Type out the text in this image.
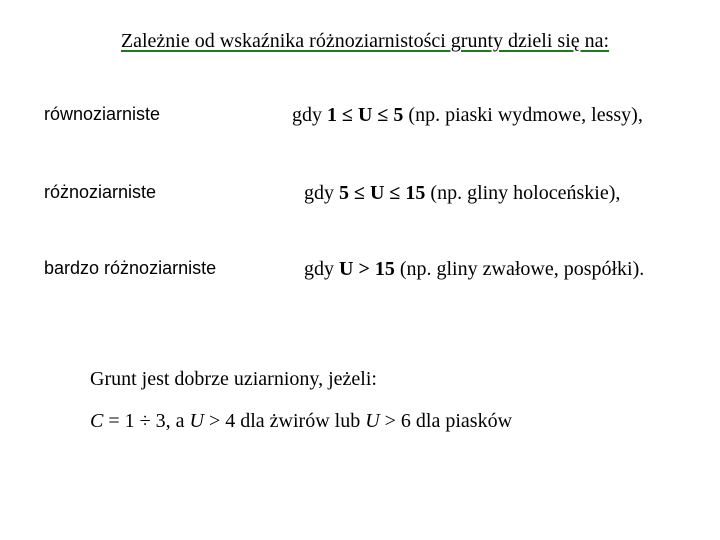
Zależnie od wskaźnika różnoziarnistości grunty dzieli się na:
równoziarniste	gdy 1 ≤ U ≤ 5 (np. piaski wydmowe, lessy),
różnoziarniste	gdy 5 ≤ U ≤ 15 (np. gliny holoceńskie),
bardzo różnoziarniste	gdy U > 15 (np. gliny zwałowe, pospółki).
Grunt jest dobrze uziarniony, jeżeli:
C = 1 ÷ 3, a U > 4 dla żwirów lub U > 6 dla piasków
